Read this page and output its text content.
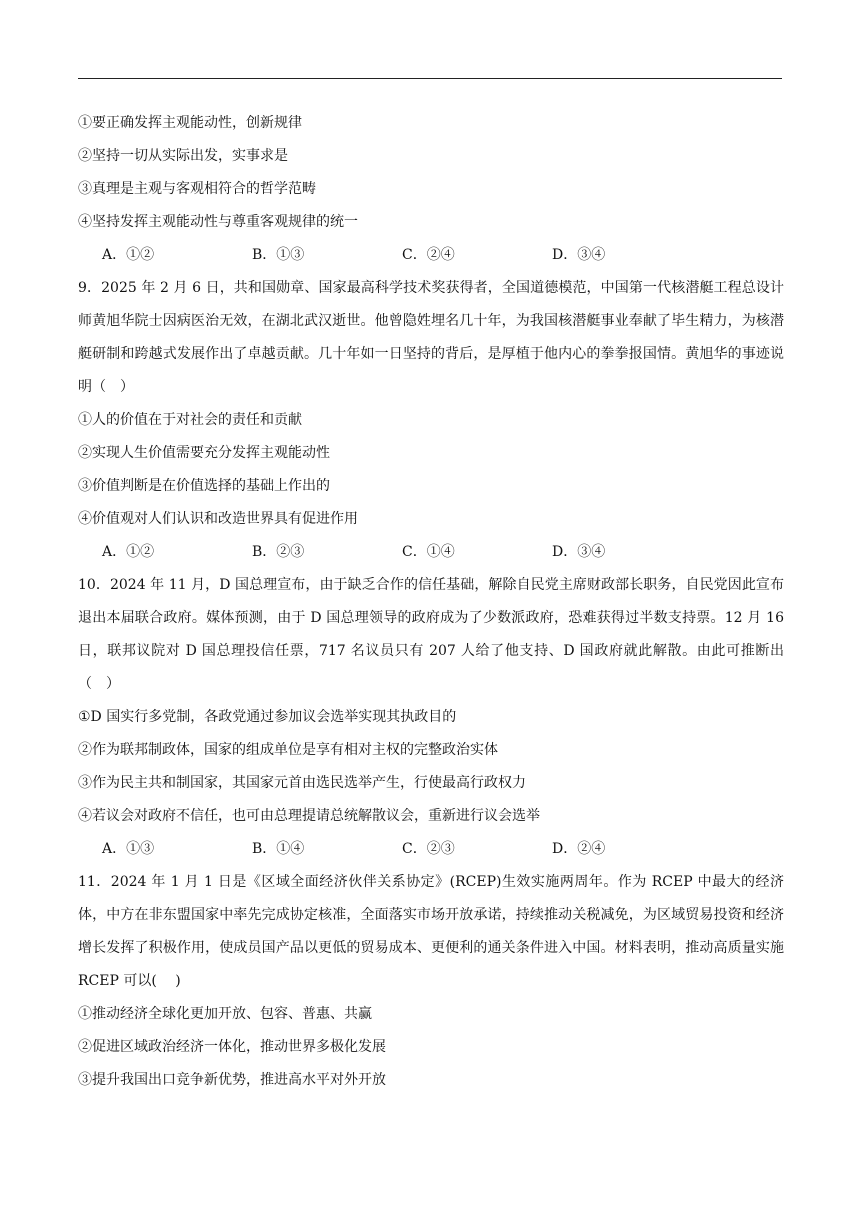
①要正确发挥主观能动性，创新规律
②坚持一切从实际出发，实事求是
③真理是主观与客观相符合的哲学范畴
④坚持发挥主观能动性与尊重客观规律的统一
A．①②	B．①③	C．②④	D．③④
9．2025 年 2 月 6 日，共和国勋章、国家最高科学技术奖获得者，全国道德模范，中国第一代核潜艇工程总设计师黄旭华院士因病医治无效，在湖北武汉逝世。他曾隐姓埋名几十年，为我国核潜艇事业奉献了毕生精力，为核潜艇研制和跨越式发展作出了卓越贡献。几十年如一日坚持的背后，是厚植于他内心的拳拳报国情。黄旭华的事迹说明（　）
①人的价值在于对社会的责任和贡献
②实现人生价值需要充分发挥主观能动性
③价值判断是在价值选择的基础上作出的
④价值观对人们认识和改造世界具有促进作用
A．①②	B．②③	C．①④	D．③④
10．2024 年 11 月，D 国总理宣布，由于缺乏合作的信任基础，解除自民党主席财政部长职务，自民党因此宣布退出本届联合政府。媒体预测，由于 D 国总理领导的政府成为了少数派政府，恐难获得过半数支持票。12 月 16 日，联邦议院对 D 国总理投信任票，717 名议员只有 207 人给了他支持、D 国政府就此解散。由此可推断出（　）
①D 国实行多党制，各政党通过参加议会选举实现其执政目的
②作为联邦制政体，国家的组成单位是享有相对主权的完整政治实体
③作为民主共和制国家，其国家元首由选民选举产生，行使最高行政权力
④若议会对政府不信任，也可由总理提请总统解散议会，重新进行议会选举
A．①③	B．①④	C．②③	D．②④
11．2024 年 1 月 1 日是《区域全面经济伙伴关系协定》(RCEP)生效实施两周年。作为 RCEP 中最大的经济体，中方在非东盟国家中率先完成协定核准，全面落实市场开放承诺，持续推动关税减免，为区域贸易投资和经济增长发挥了积极作用，使成员国产品以更低的贸易成本、更便利的通关条件进入中国。材料表明，推动高质量实施 RCEP 可以(　 )
①推动经济全球化更加开放、包容、普惠、共赢
②促进区域政治经济一体化，推动世界多极化发展
③提升我国出口竞争新优势，推进高水平对外开放
